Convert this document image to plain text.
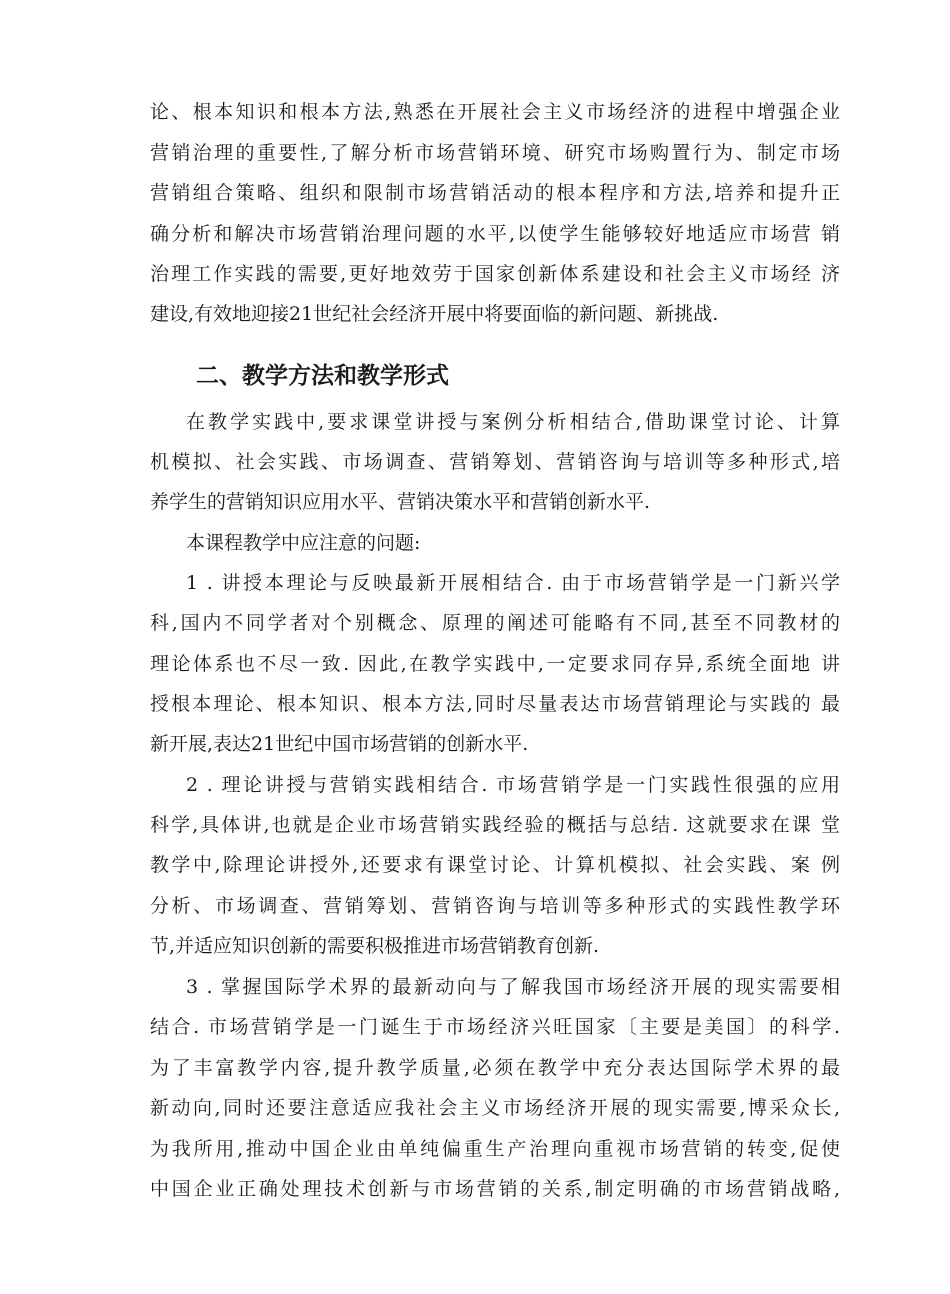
论、根本知识和根本方法,熟悉在开展社会主义市场经济的进程中增强企业
营销治理的重要性,了解分析市场营销环境、研究市场购置行为、制定市场
营销组合策略、组织和限制市场营销活动的根本程序和方法,培养和提升正
确分析和解决市场营销治理问题的水平,以使学生能够较好地适应市场营 销
治理工作实践的需要,更好地效劳于国家创新体系建设和社会主义市场经 济
建设,有效地迎接21世纪社会经济开展中将要面临的新问题、新挑战.
二、教学方法和教学形式
在教学实践中,要求课堂讲授与案例分析相结合,借助课堂讨论、计算
机模拟、社会实践、市场调查、营销筹划、营销咨询与培训等多种形式,培
养学生的营销知识应用水平、营销决策水平和营销创新水平.
本课程教学中应注意的问题:
1 . 讲授本理论与反映最新开展相结合. 由于市场营销学是一门新兴学
科,国内不同学者对个别概念、原理的阐述可能略有不同,甚至不同教材的
理论体系也不尽一致. 因此,在教学实践中,一定要求同存异,系统全面地 讲
授根本理论、根本知识、根本方法,同时尽量表达市场营销理论与实践的 最
新开展,表达21世纪中国市场营销的创新水平.
2 . 理论讲授与营销实践相结合. 市场营销学是一门实践性很强的应用
科学,具体讲,也就是企业市场营销实践经验的概括与总结. 这就要求在课 堂
教学中,除理论讲授外,还要求有课堂讨论、计算机模拟、社会实践、案 例
分析、市场调查、营销筹划、营销咨询与培训等多种形式的实践性教学环
节,并适应知识创新的需要积极推进市场营销教育创新.
3 . 掌握国际学术界的最新动向与了解我国市场经济开展的现实需要相
结合. 市场营销学是一门诞生于市场经济兴旺国家〔主要是美国〕的科学.
为了丰富教学内容,提升教学质量,必须在教学中充分表达国际学术界的最
新动向,同时还要注意适应我社会主义市场经济开展的现实需要,博采众长,
为我所用,推动中国企业由单纯偏重生产治理向重视市场营销的转变,促使
中国企业正确处理技术创新与市场营销的关系,制定明确的市场营销战略,
